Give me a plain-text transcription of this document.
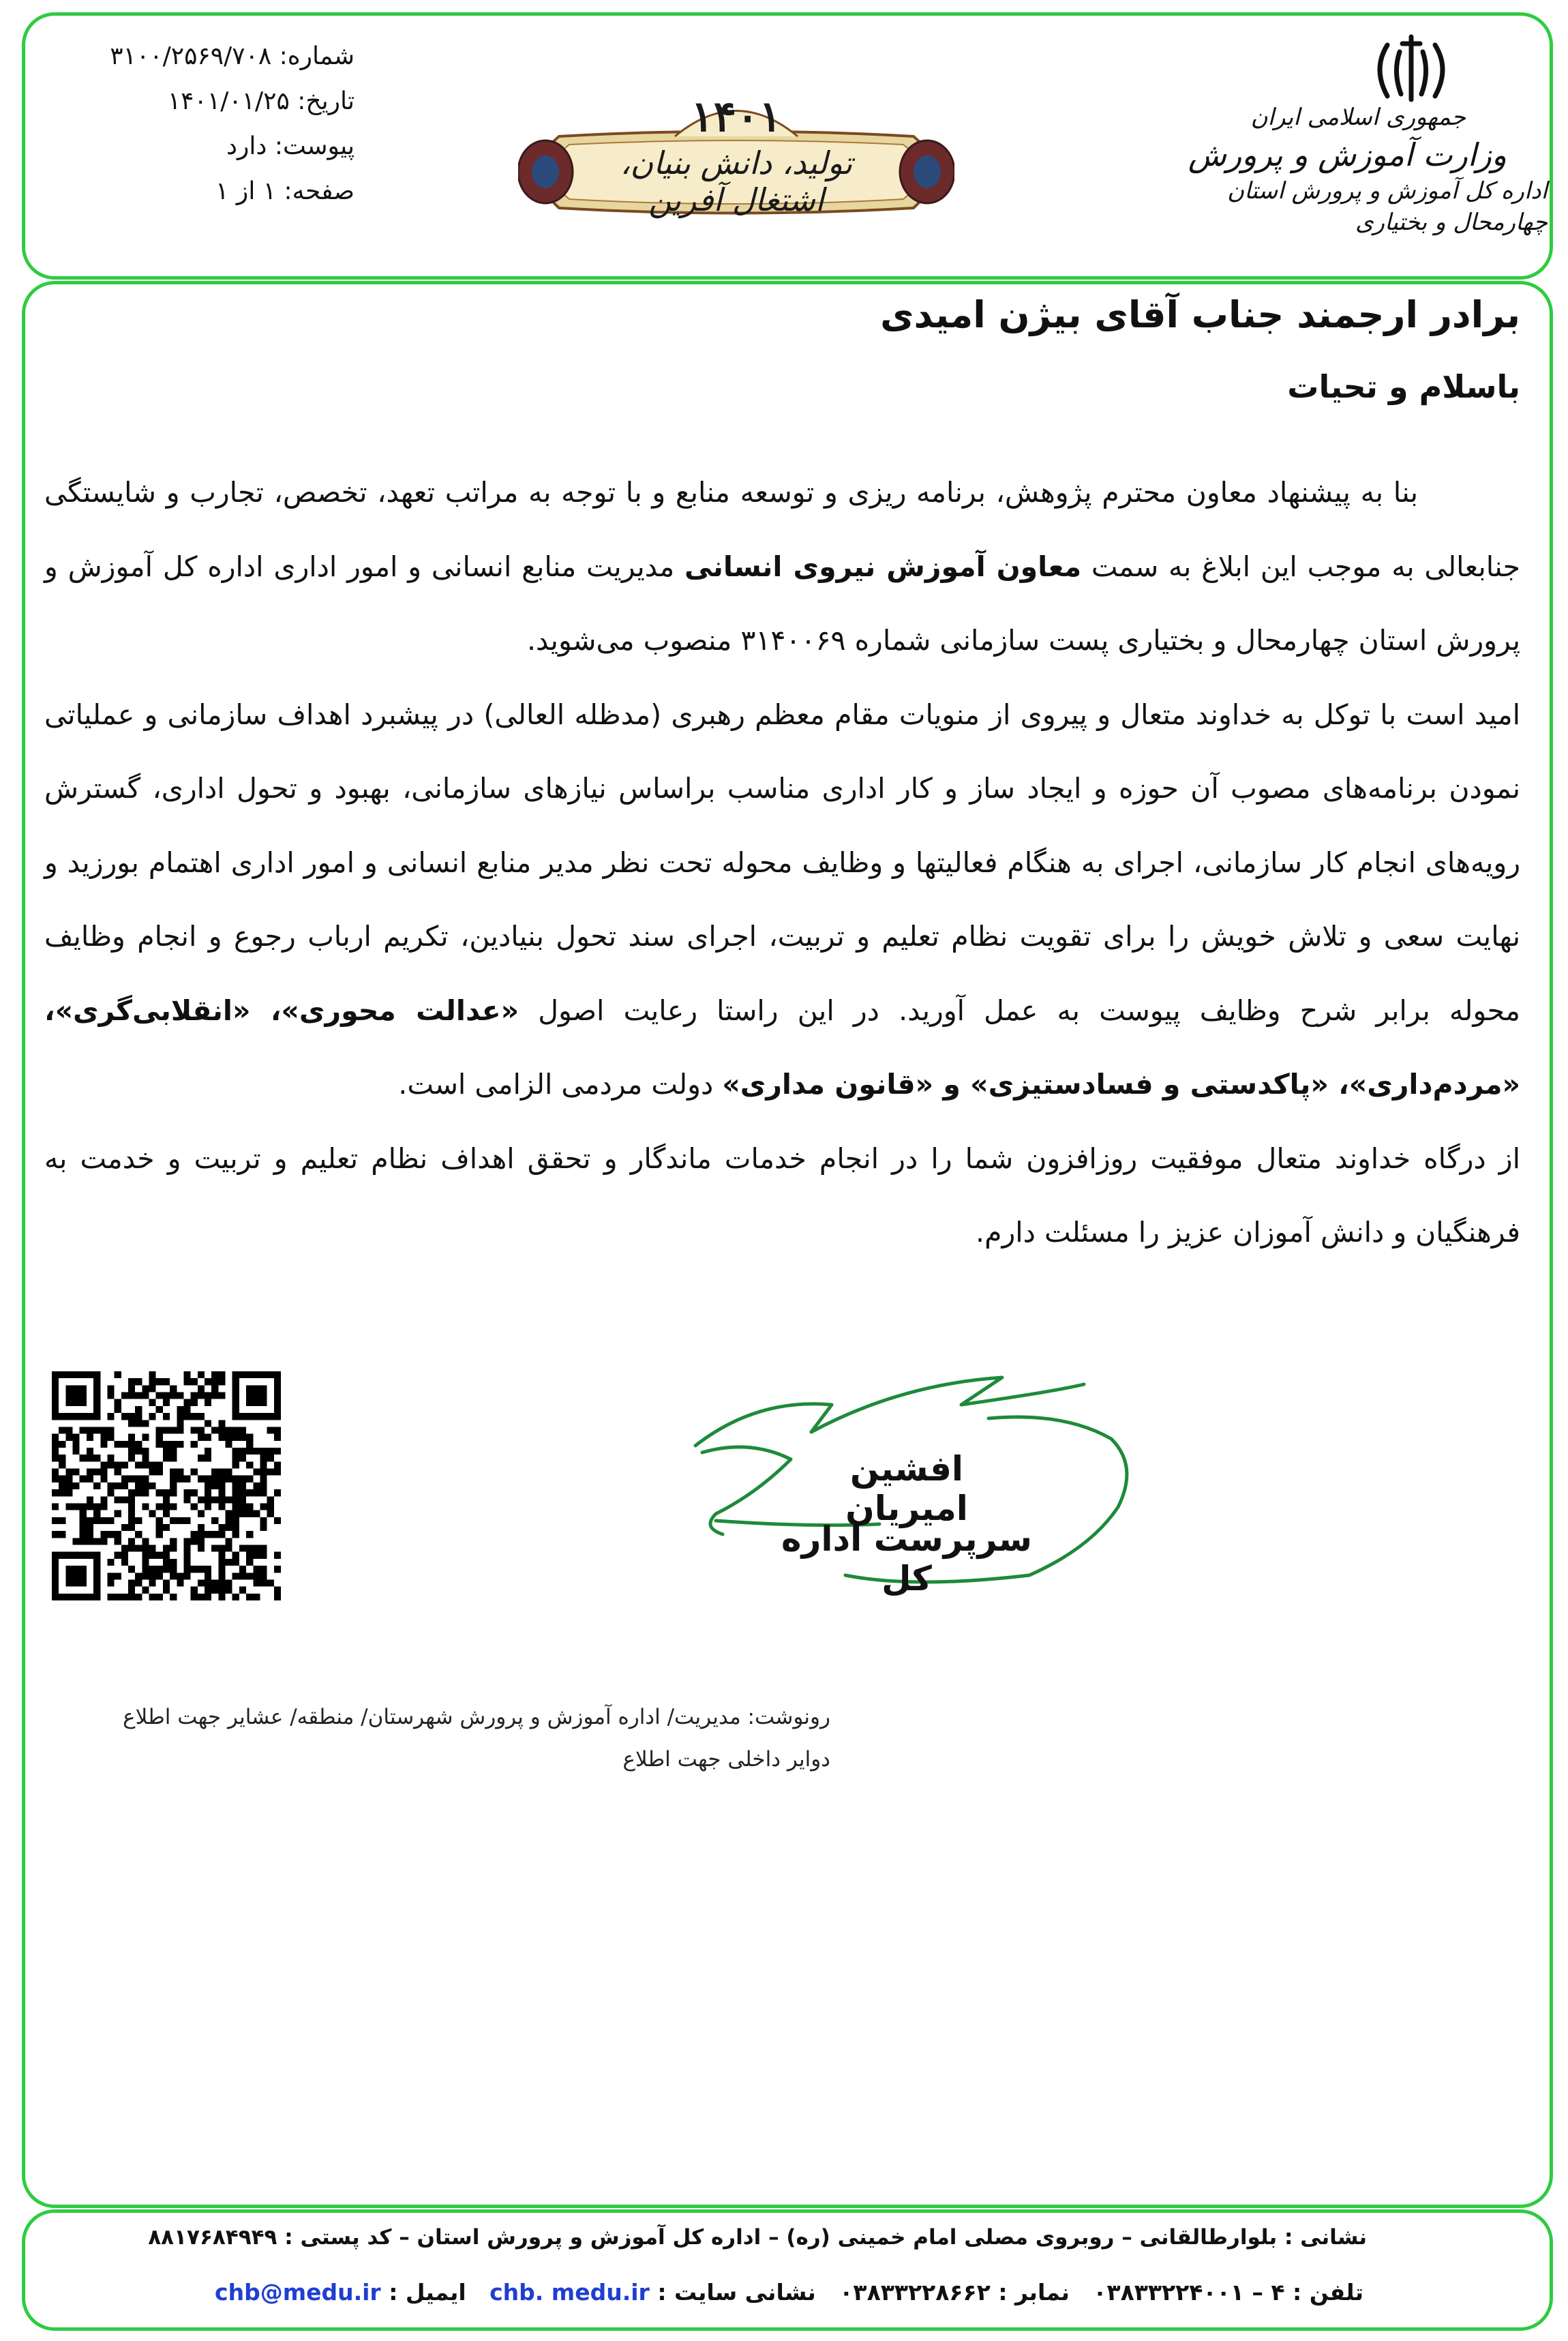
جمهوری اسلامی ایران
وزارت آموزش و پرورش
اداره کل آموزش و پرورش استان چهارمحال و بختیاری
۱۴۰۱
تولید، دانش بنیان، اشتغال آفرین
شماره: ۳۱۰۰/۲۵۶۹/۷۰۸
تاریخ: ۱۴۰۱/۰۱/۲۵
پیوست: دارد
صفحه: ۱ از ۱
برادر ارجمند جناب آقای بیژن امیدی
باسلام و تحیات

بنا به پیشنهاد معاون محترم پژوهش، برنامه ریزی و توسعه منابع و با توجه به مراتب تعهد، تخصص، تجارب و شایستگی جنابعالی به موجب این ابلاغ به سمت معاون آموزش نیروی انسانی مدیریت منابع انسانی و امور اداری اداره کل آموزش و پرورش استان چهارمحال و بختیاری پست سازمانی شماره ۳۱۴۰۰۶۹ منصوب می‌شوید.

امید است با توکل به خداوند متعال و پیروی از منویات مقام معظم رهبری (مدظله العالی) در پیشبرد اهداف سازمانی و عملیاتی نمودن برنامه‌های مصوب آن حوزه و ایجاد ساز و کار اداری مناسب براساس نیازهای سازمانی، بهبود و تحول اداری، گسترش رویه‌های انجام کار سازمانی، اجرای به هنگام فعالیتها و وظایف محوله تحت نظر مدیر منابع انسانی و امور اداری اهتمام بورزید و نهایت سعی و تلاش خویش را برای تقویت نظام تعلیم و تربیت، اجرای سند تحول بنیادین، تکریم ارباب رجوع و انجام وظایف محوله برابر شرح وظایف پیوست به عمل آورید. در این راستا رعایت اصول «عدالت محوری»، «انقلابی‌گری»، «مردم‌داری»، «پاکدستی و فسادستیزی» و «قانون مداری» دولت مردمی الزامی است.

از درگاه خداوند متعال موفقیت روزافزون شما را در انجام خدمات ماندگار و تحقق اهداف نظام تعلیم و تربیت و خدمت به فرهنگیان و دانش آموزان عزیز را مسئلت دارم.

افشین امیریان
سرپرست اداره کل
رونوشت: مدیریت/ اداره آموزش و پرورش شهرستان/ منطقه/ عشایر جهت اطلاع
دوایر داخلی جهت اطلاع
نشانی : بلوارطالقانی – روبروی مصلی امام خمینی (ره) – اداره کل آموزش و پرورش استان – کد پستی : ۸۸۱۷۶۸۴۹۴۹
تلفن : ۴ – ۰۳۸۳۳۲۲۴۰۰۱   نمابر : ۰۳۸۳۳۲۲۸۶۶۲   نشانی سایت : chb. medu.ir   ایمیل : chb@medu.ir
